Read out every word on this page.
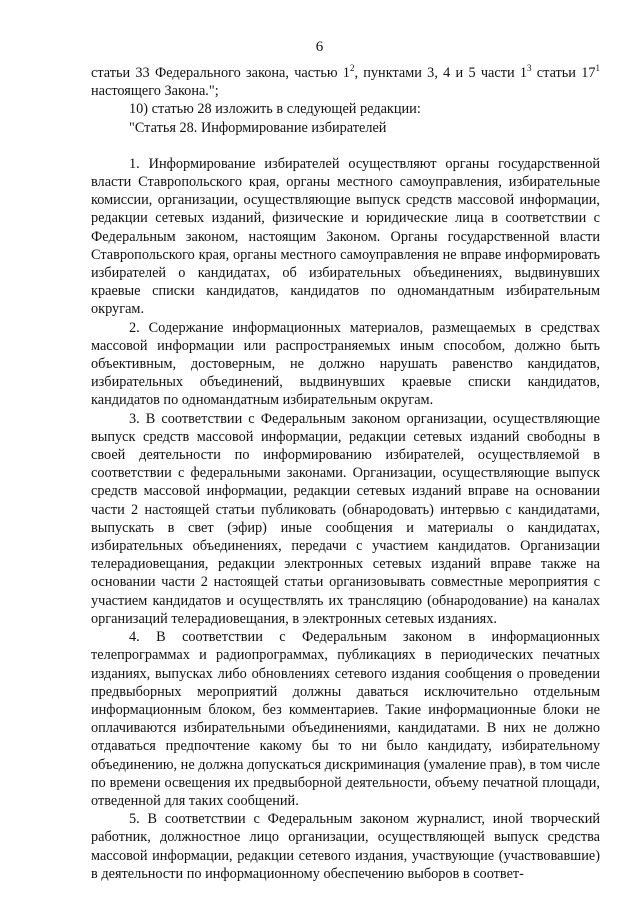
6

статьи 33 Федерального закона, частью $1^2$, пунктами 3, 4 и 5 части $1^3$ статьи $17^1$ настоящего Закона.";

10) статью 28 изложить в следующей редакции:

"Статья 28. Информирование избирателей

1. Информирование избирателей осуществляют органы государственной власти Ставропольского края, органы местного самоуправления, избирательные комиссии, организации, осуществляющие выпуск средств массовой информации, редакции сетевых изданий, физические и юридические лица в соответствии с Федеральным законом, настоящим Законом. Органы государственной власти Ставропольского края, органы местного самоуправления не вправе информировать избирателей о кандидатах, об избирательных объединениях, выдвинувших краевые списки кандидатов, кандидатов по одномандатным избирательным округам.

2. Содержание информационных материалов, размещаемых в средствах массовой информации или распространяемых иным способом, должно быть объективным, достоверным, не должно нарушать равенство кандидатов, избирательных объединений, выдвинувших краевые списки кандидатов, кандидатов по одномандатным избирательным округам.

3. В соответствии с Федеральным законом организации, осуществляющие выпуск средств массовой информации, редакции сетевых изданий свободны в своей деятельности по информированию избирателей, осуществляемой в соответствии с федеральными законами. Организации, осуществляющие выпуск средств массовой информации, редакции сетевых изданий вправе на основании части 2 настоящей статьи публиковать (обнародовать) интервью с кандидатами, выпускать в свет (эфир) иные сообщения и материалы о кандидатах, избирательных объединениях, передачи с участием кандидатов. Организации телерадиовещания, редакции электронных сетевых изданий вправе также на основании части 2 настоящей статьи организовывать совместные мероприятия с участием кандидатов и осуществлять их трансляцию (обнародование) на каналах организаций телерадиовещания, в электронных сетевых изданиях.

4. В соответствии с Федеральным законом в информационных телепрограммах и радиопрограммах, публикациях в периодических печатных изданиях, выпусках либо обновлениях сетевого издания сообщения о проведении предвыборных мероприятий должны даваться исключительно отдельным информационным блоком, без комментариев. Такие информационные блоки не оплачиваются избирательными объединениями, кандидатами. В них не должно отдаваться предпочтение какому бы то ни было кандидату, избирательному объединению, не должна допускаться дискриминация (умаление прав), в том числе по времени освещения их предвыборной деятельности, объему печатной площади, отведенной для таких сообщений.

5. В соответствии с Федеральным законом журналист, иной творческий работник, должностное лицо организации, осуществляющей выпуск средства массовой информации, редакции сетевого издания, участвующие (участвовавшие) в деятельности по информационному обеспечению выборов в соответ-
